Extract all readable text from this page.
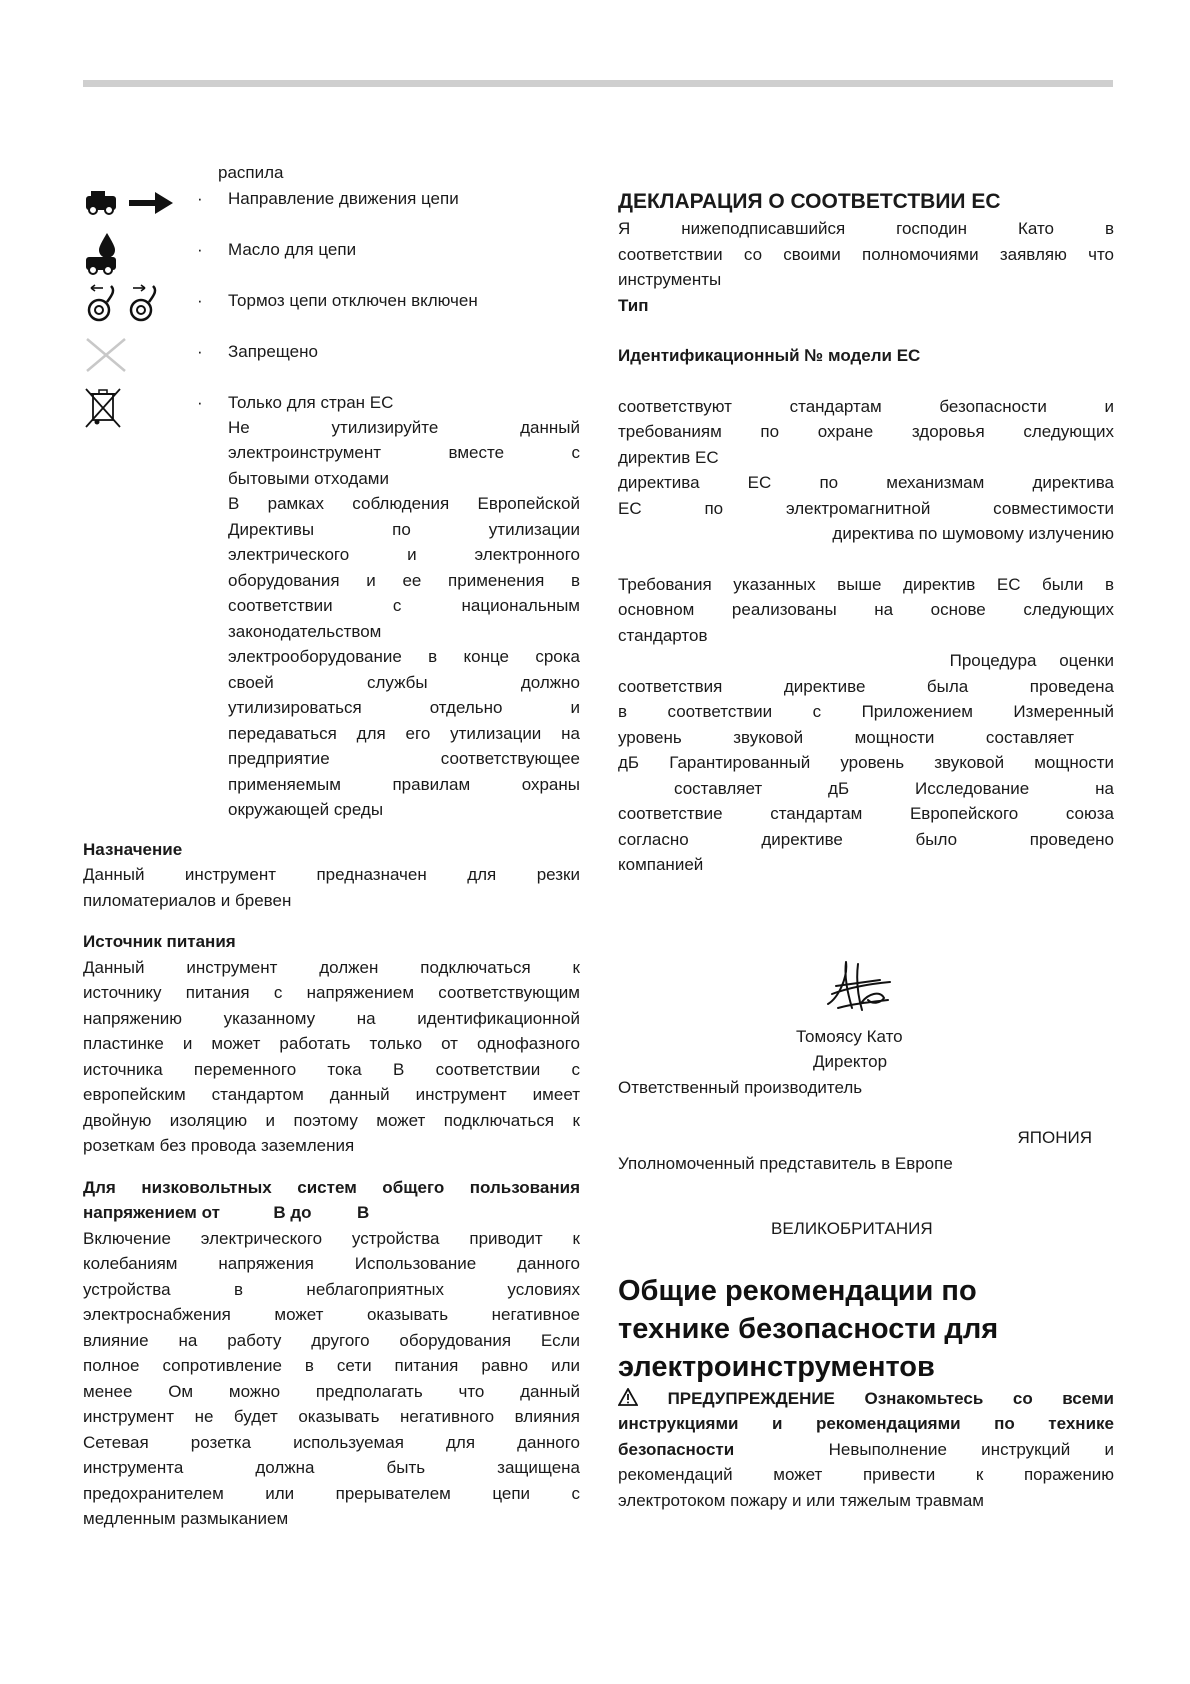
распила
· Направление движения цепи
· Масло для цепи
· Тормоз цепи отключен включен
· Запрещено
· Только для стран ЕС

Не утилизируйте данный

электроинструмент вместе с

бытовыми отходами

В рамках соблюдения Европейской

Директивы по утилизации

электрического и электронного

оборудования и ее применения в

соответствии с национальным

законодательством

электрооборудование в конце срока

своей службы должно

утилизироваться отдельно и

передаваться для его утилизации на

предприятие соответствующее

применяемым правилам охраны

окружающей среды

Назначение

Данный инструмент предназначен для резки

пиломатериалов и бревен

Источник питания

Данный инструмент должен подключаться к

источнику питания с напряжением соответствующим

напряжению указанному на идентификационной

пластинке и может работать только от однофазного

источника переменного тока В соответствии с

европейским стандартом данный инструмент имеет

двойную изоляцию и поэтому может подключаться к

розеткам без провода заземления

Для низковольтных систем общего пользования
напряжением от	В до	В

Включение электрического устройства приводит к

колебаниям напряжения Использование данного

устройства в неблагоприятных условиях

электроснабжения может оказывать негативное

влияние на работу другого оборудования Если

полное сопротивление в сети питания равно или

менее Ом можно предполагать что данный

инструмент не будет оказывать негативного влияния

Сетевая розетка используемая для данного

инструмента должна быть защищена

предохранителем или прерывателем цепи с

медленным размыканием

ДЕКЛАРАЦИЯ О СООТВЕТСТВИИ ЕС

Я нижеподписавшийся господин Като в

соответствии со своими полномочиями заявляю что

инструменты

Тип

Идентификационный № модели ЕС

соответствуют стандартам безопасности и

требованиям по охране здоровья следующих

директив ЕС

директива ЕС по механизмам директива

ЕС по электромагнитной совместимости

директива по шумовому излучению

Требования указанных выше директив ЕС были в

основном реализованы на основе следующих

стандартов

Процедура оценки

соответствия директиве была проведена

в соответствии с Приложением Измеренный

уровень звуковой мощности составляет

дБ Гарантированный уровень звуковой мощности

составляет дБ Исследование на

соответствие стандартам Европейского союза

согласно директиве было проведено

компанией

Томоясу Като

Директор

Ответственный производитель

ЯПОНИЯ

Уполномоченный представитель в Европе

ВЕЛИКОБРИТАНИЯ

Общие рекомендации по

технике безопасности для

электроинструментов

ПРЕДУПРЕЖДЕНИЕ Ознакомьтесь со всеми

инструкциями и рекомендациями по технике

безопасности	Невыполнение инструкций и

рекомендаций может привести к поражению

электротоком пожару и или тяжелым травмам
